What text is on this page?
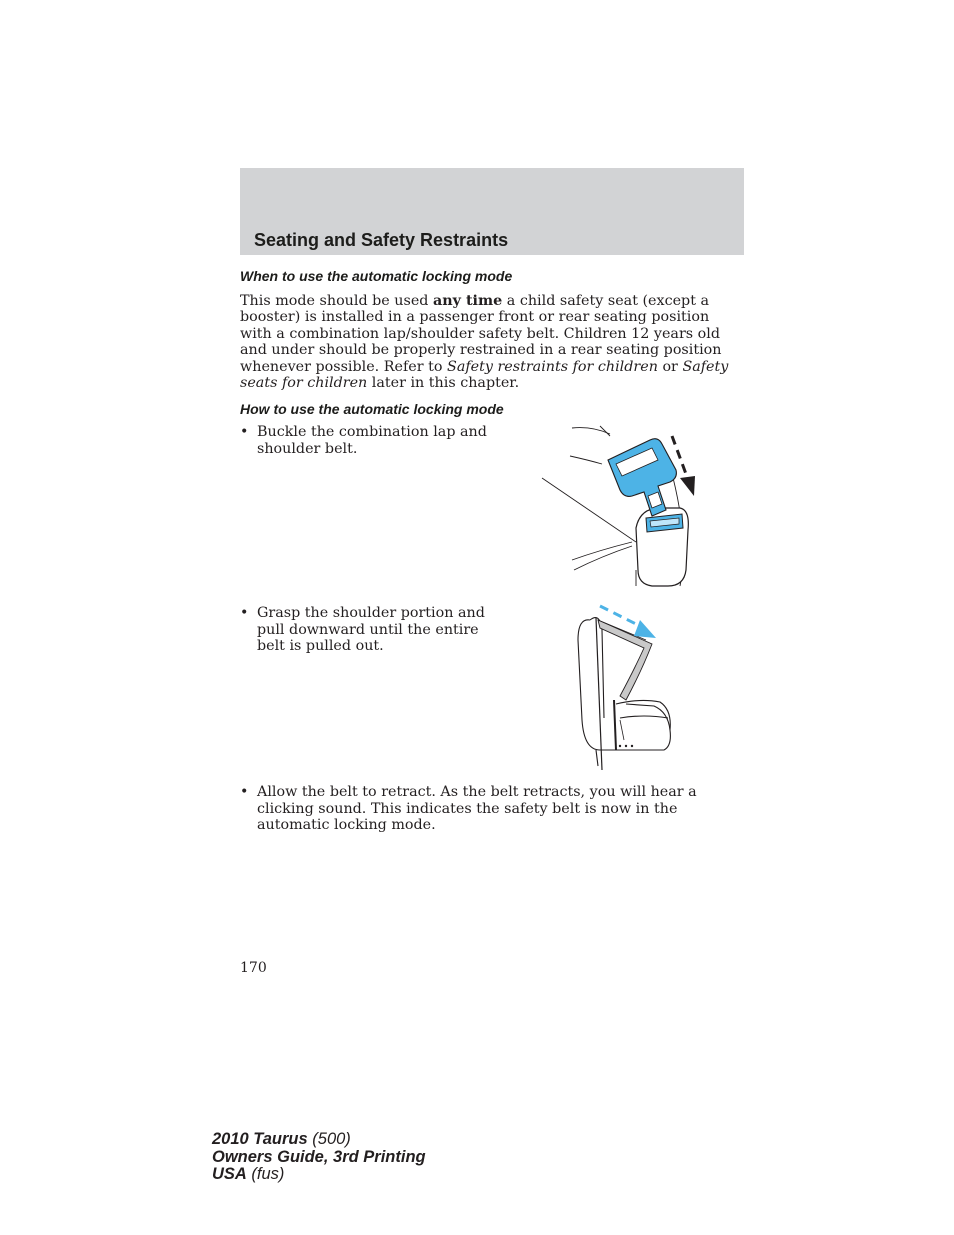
Seating and Safety Restraints
When to use the automatic locking mode

This mode should be used any time a child safety seat (except a booster) is installed in a passenger front or rear seating position with a combination lap/shoulder safety belt. Children 12 years old and under should be properly restrained in a rear seating position whenever possible. Refer to Safety restraints for children or Safety seats for children later in this chapter.

How to use the automatic locking mode
• Buckle the combination lap and shoulder belt.
• Grasp the shoulder portion and pull downward until the entire belt is pulled out.
• Allow the belt to retract. As the belt retracts, you will hear a clicking sound. This indicates the safety belt is now in the automatic locking mode.

170

2010 Taurus (500)
Owners Guide, 3rd Printing
USA (fus)
